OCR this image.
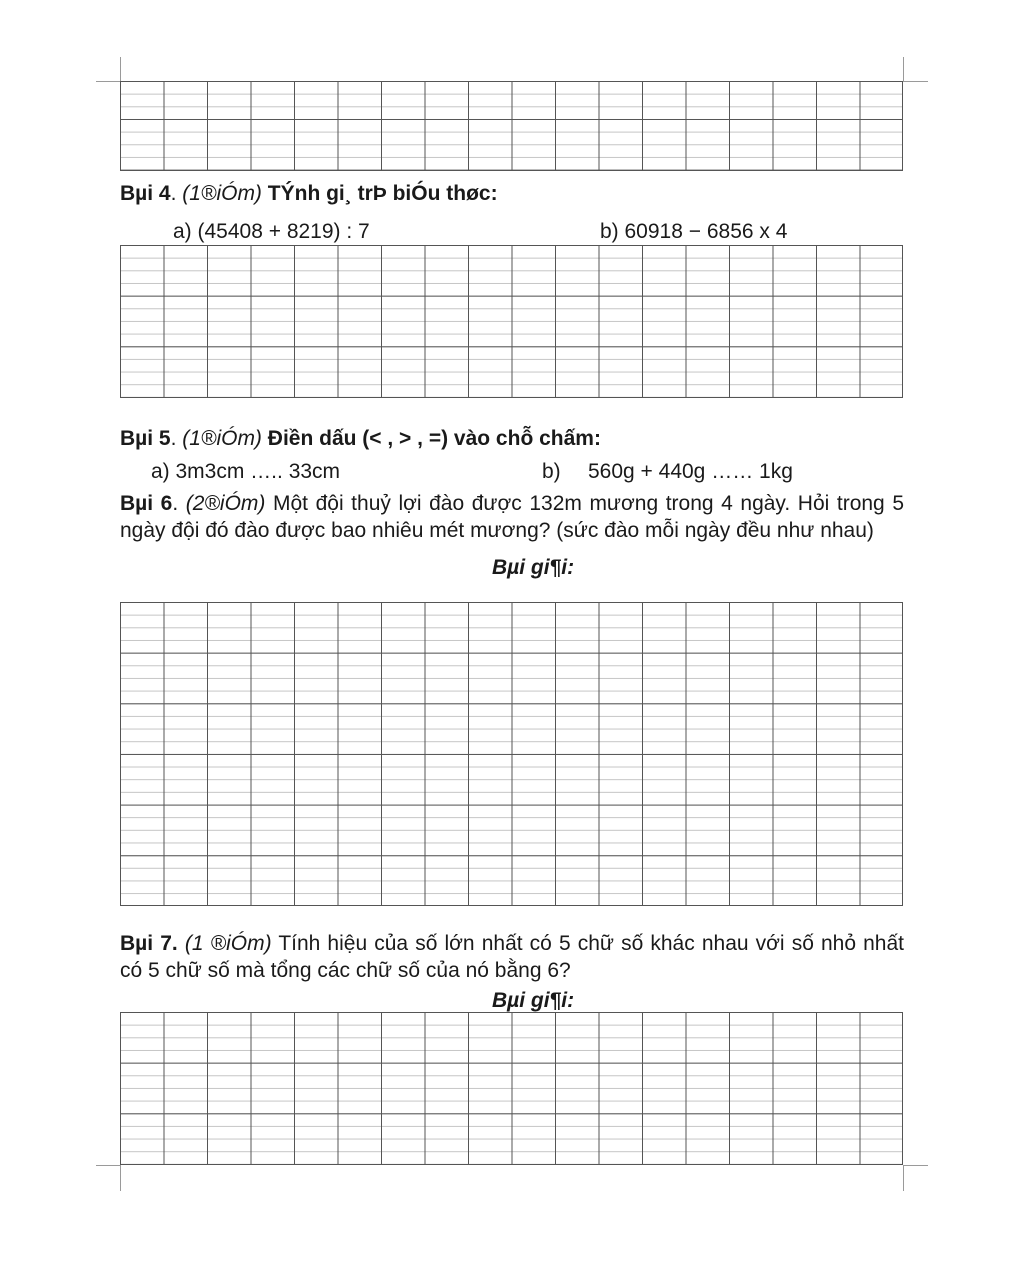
Bµi 4. (1®iÓm) TÝnh gi¸ trÞ biÓu thøc:
a) (45408 + 8219) : 7	b) 60918 − 6856 x 4
Bµi 5. (1®iÓm) Điền dấu (< , > , =) vào chỗ chấm:
a) 3m3cm ….. 33cm	b) 560g + 440g …… 1kg
Bµi 6. (2®iÓm) Một đội thuỷ lợi đào được 132m mương trong 4 ngày. Hỏi trong 5 ngày đội đó đào được bao nhiêu mét mương? (sức đào mỗi ngày đều như nhau)
Bµi gi¶i:
Bµi 7. (1 ®iÓm) Tính hiệu của số lớn nhất có 5 chữ số khác nhau với số nhỏ nhất có 5 chữ số mà tổng các chữ số của nó bằng 6?
Bµi gi¶i:
